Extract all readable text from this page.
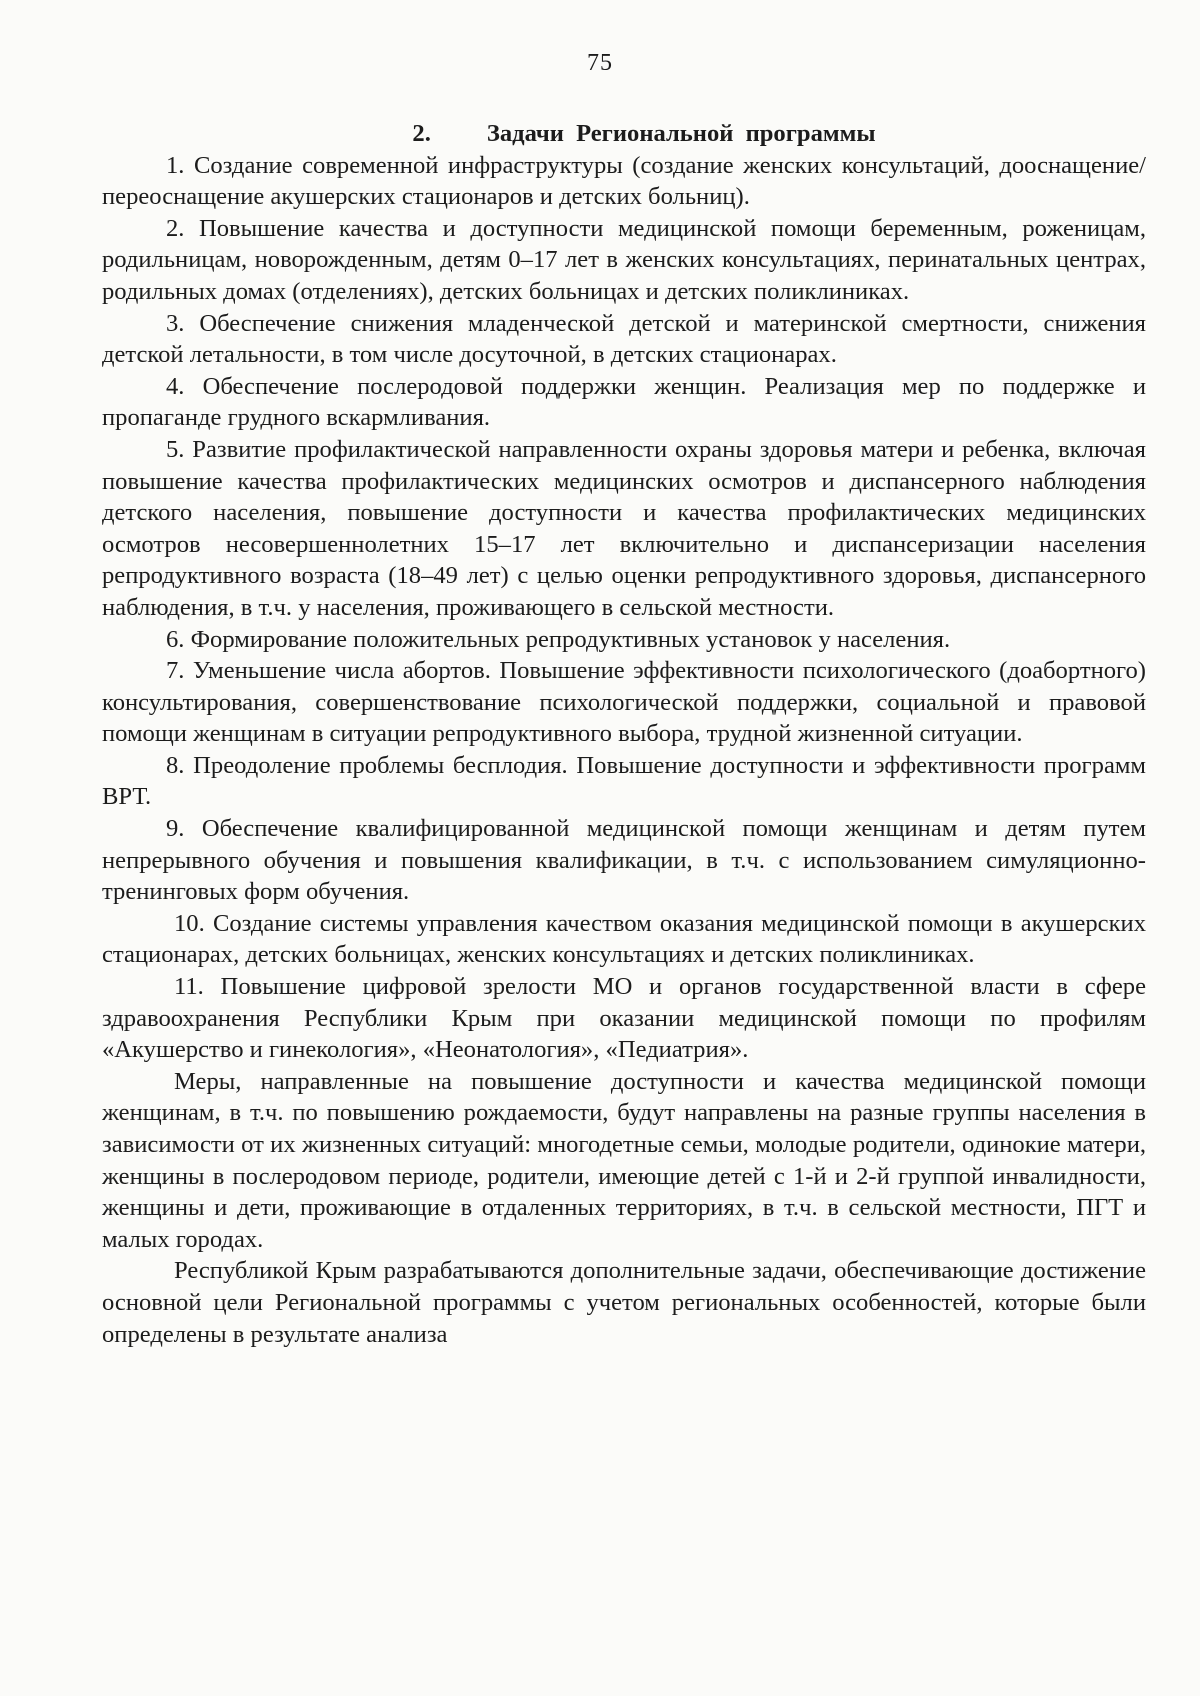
75
2. Задачи Региональной программы

1. Создание современной инфраструктуры (создание женских консультаций, дооснащение/переоснащение акушерских стационаров и детских больниц).

2. Повышение качества и доступности медицинской помощи беременным, роженицам, родильницам, новорожденным, детям 0–17 лет в женских консультациях, перинатальных центрах, родильных домах (отделениях), детских больницах и детских поликлиниках.

3. Обеспечение снижения младенческой детской и материнской смертности, снижения детской летальности, в том числе досуточной, в детских стационарах.

4. Обеспечение послеродовой поддержки женщин. Реализация мер по поддержке и пропаганде грудного вскармливания.

5. Развитие профилактической направленности охраны здоровья матери и ребенка, включая повышение качества профилактических медицинских осмотров и диспансерного наблюдения детского населения, повышение доступности и качества профилактических медицинских осмотров несовершеннолетних 15–17 лет включительно и диспансеризации населения репродуктивного возраста (18–49 лет) с целью оценки репродуктивного здоровья, диспансерного наблюдения, в т.ч. у населения, проживающего в сельской местности.

6. Формирование положительных репродуктивных установок у населения.

7. Уменьшение числа абортов. Повышение эффективности психологического (доабортного) консультирования, совершенствование психологической поддержки, социальной и правовой помощи женщинам в ситуации репродуктивного выбора, трудной жизненной ситуации.

8. Преодоление проблемы бесплодия. Повышение доступности и эффективности программ ВРТ.

9. Обеспечение квалифицированной медицинской помощи женщинам и детям путем непрерывного обучения и повышения квалификации, в т.ч. с использованием симуляционно-тренинговых форм обучения.

10. Создание системы управления качеством оказания медицинской помощи в акушерских стационарах, детских больницах, женских консультациях и детских поликлиниках.

11. Повышение цифровой зрелости МО и органов государственной власти в сфере здравоохранения Республики Крым при оказании медицинской помощи по профилям «Акушерство и гинекология», «Неонатология», «Педиатрия».

Меры, направленные на повышение доступности и качества медицинской помощи женщинам, в т.ч. по повышению рождаемости, будут направлены на разные группы населения в зависимости от их жизненных ситуаций: многодетные семьи, молодые родители, одинокие матери, женщины в послеродовом периоде, родители, имеющие детей с 1-й и 2-й группой инвалидности, женщины и дети, проживающие в отдаленных территориях, в т.ч. в сельской местности, ПГТ и малых городах.

Республикой Крым разрабатываются дополнительные задачи, обеспечивающие достижение основной цели Региональной программы с учетом региональных особенностей, которые были определены в результате анализа
